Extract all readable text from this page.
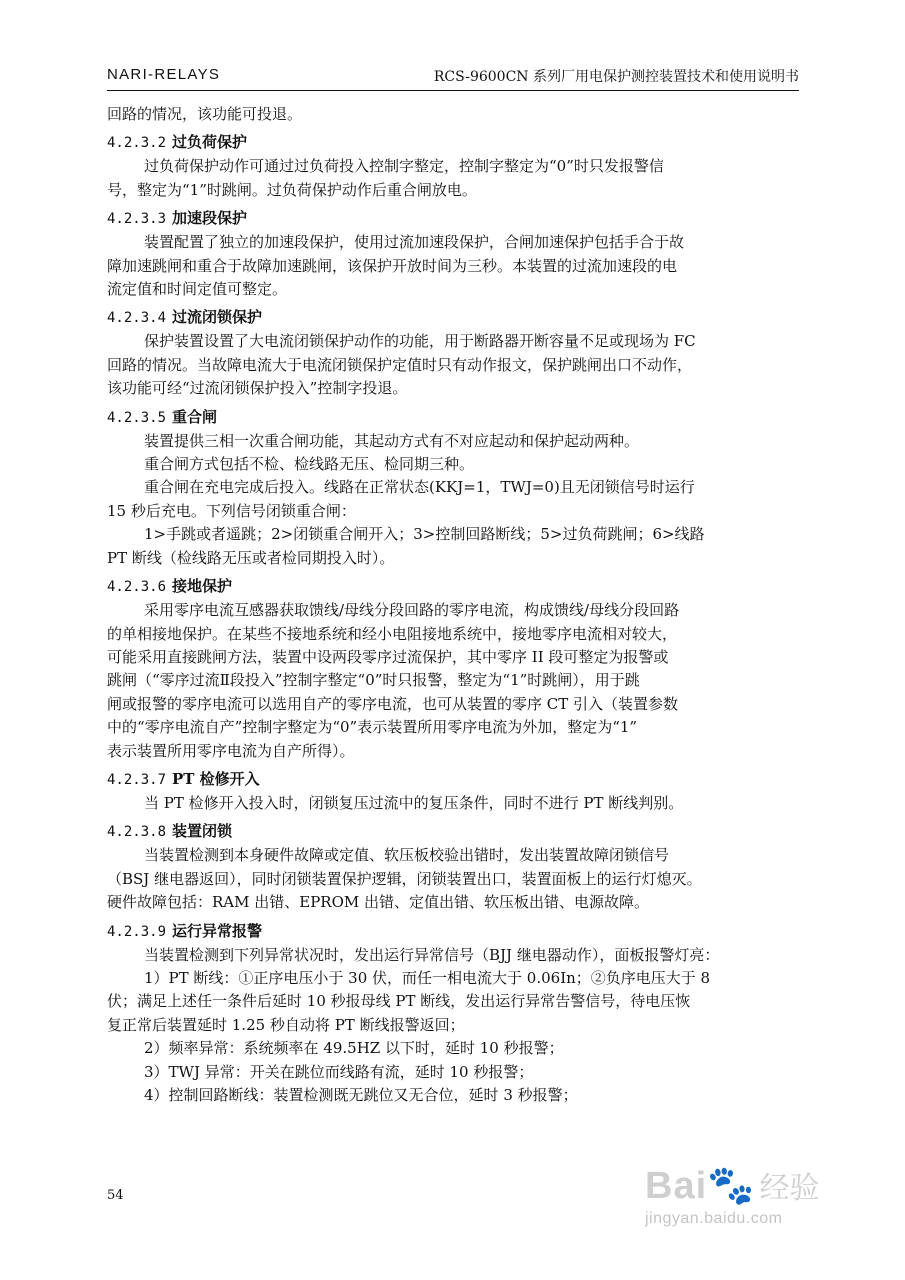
NARI-RELAYS	RCS-9600CN 系列厂用电保护测控装置技术和使用说明书
回路的情况，该功能可投退。
4.2.3.2 过负荷保护
过负荷保护动作可通过过负荷投入控制字整定，控制字整定为“0”时只发报警信
号，整定为“1”时跳闸。过负荷保护动作后重合闸放电。
4.2.3.3 加速段保护
装置配置了独立的加速段保护，使用过流加速段保护，合闸加速保护包括手合于故
障加速跳闸和重合于故障加速跳闸，该保护开放时间为三秒。本装置的过流加速段的电
流定值和时间定值可整定。
4.2.3.4 过流闭锁保护
保护装置设置了大电流闭锁保护动作的功能，用于断路器开断容量不足或现场为 FC
回路的情况。当故障电流大于电流闭锁保护定值时只有动作报文，保护跳闸出口不动作，
该功能可经“过流闭锁保护投入”控制字投退。
4.2.3.5 重合闸
装置提供三相一次重合闸功能，其起动方式有不对应起动和保护起动两种。
重合闸方式包括不检、检线路无压、检同期三种。
重合闸在充电完成后投入。线路在正常状态(KKJ=1，TWJ=0)且无闭锁信号时运行
15 秒后充电。下列信号闭锁重合闸：
1>手跳或者遥跳；2>闭锁重合闸开入；3>控制回路断线；5>过负荷跳闸；6>线路
PT 断线（检线路无压或者检同期投入时）。
4.2.3.6 接地保护
采用零序电流互感器获取馈线/母线分段回路的零序电流，构成馈线/母线分段回路
的单相接地保护。在某些不接地系统和经小电阻接地系统中，接地零序电流相对较大，
可能采用直接跳闸方法，装置中设两段零序过流保护，其中零序 II 段可整定为报警或
跳闸（“零序过流Ⅱ段投入”控制字整定“0”时只报警，整定为“1”时跳闸），用于跳
闸或报警的零序电流可以选用自产的零序电流，也可从装置的零序 CT 引入（装置参数
中的“零序电流自产”控制字整定为“0”表示装置所用零序电流为外加，整定为“1”
表示装置所用零序电流为自产所得）。
4.2.3.7 PT 检修开入
当 PT 检修开入投入时，闭锁复压过流中的复压条件，同时不进行 PT 断线判别。
4.2.3.8 装置闭锁
当装置检测到本身硬件故障或定值、软压板校验出错时，发出装置故障闭锁信号
（BSJ 继电器返回），同时闭锁装置保护逻辑，闭锁装置出口，装置面板上的运行灯熄灭。
硬件故障包括：RAM 出错、EPROM 出错、定值出错、软压板出错、电源故障。
4.2.3.9 运行异常报警
当装置检测到下列异常状况时，发出运行异常信号（BJJ 继电器动作），面板报警灯亮：
1）PT 断线：①正序电压小于 30 伏，而任一相电流大于 0.06In；②负序电压大于 8
伏；满足上述任一条件后延时 10 秒报母线 PT 断线，发出运行异常告警信号，待电压恢
复正常后装置延时 1.25 秒自动将 PT 断线报警返回；
2）频率异常：系统频率在 49.5HZ 以下时，延时 10 秒报警；
3）TWJ 异常：开关在跳位而线路有流，延时 10 秒报警；
4）控制回路断线：装置检测既无跳位又无合位，延时 3 秒报警；
54	Bai🐾 经验
jingyan.baidu.com
